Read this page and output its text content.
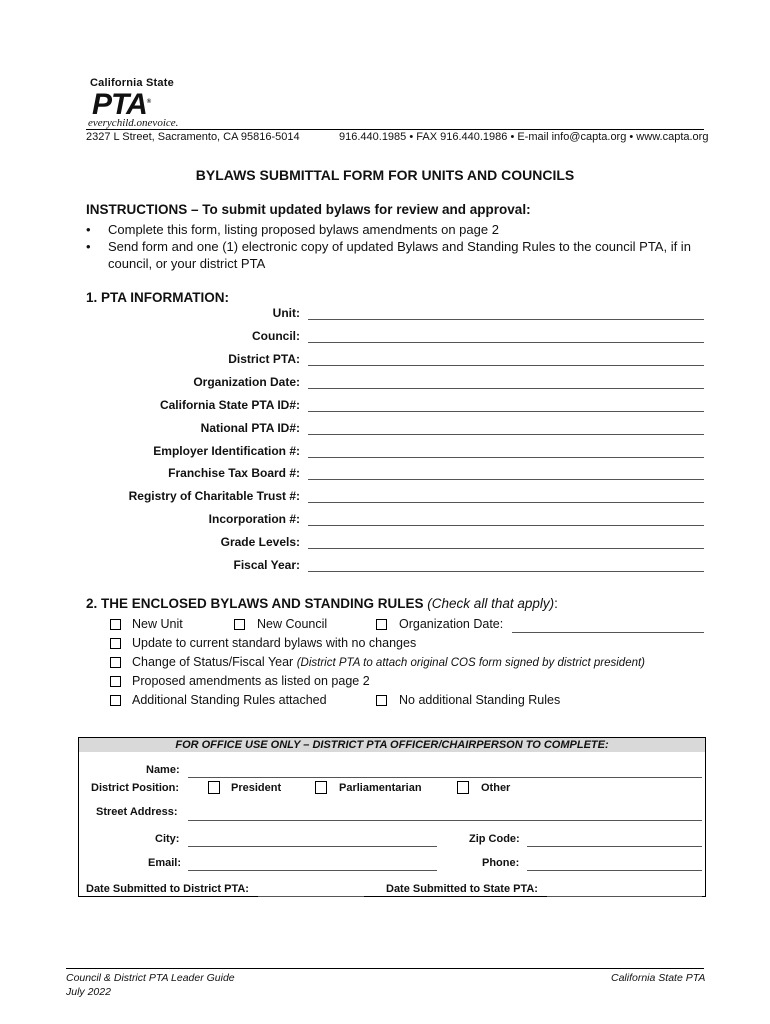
California State
PTA®
everychild.onevoice.
2327 L Street, Sacramento, CA 95816-5014	916.440.1985 • FAX 916.440.1986 • E-mail info@capta.org • www.capta.org
BYLAWS SUBMITTAL FORM FOR UNITS AND COUNCILS
INSTRUCTIONS – To submit updated bylaws for review and approval:
•	Complete this form, listing proposed bylaws amendments on page 2
•	Send form and one (1) electronic copy of updated Bylaws and Standing Rules to the council PTA, if in council, or your district PTA
1. PTA INFORMATION:
Unit:
Council:
District PTA:
Organization Date:
California State PTA ID#:
National PTA ID#:
Employer Identification #:
Franchise Tax Board #:
Registry of Charitable Trust #:
Incorporation #:
Grade Levels:
Fiscal Year:
2. THE ENCLOSED BYLAWS AND STANDING RULES (Check all that apply):
New Unit	New Council	Organization Date:
Update to current standard bylaws with no changes
Change of Status/Fiscal Year (District PTA to attach original COS form signed by district president)
Proposed amendments as listed on page 2
Additional Standing Rules attached	No additional Standing Rules
FOR OFFICE USE ONLY – DISTRICT PTA OFFICER/CHAIRPERSON TO COMPLETE:
Name:
District Position:	President	Parliamentarian	Other
Street Address:
City:	Zip Code:
Email:	Phone:
Date Submitted to District PTA:	Date Submitted to State PTA:
Council & District PTA Leader Guide
July 2022
California State PTA
